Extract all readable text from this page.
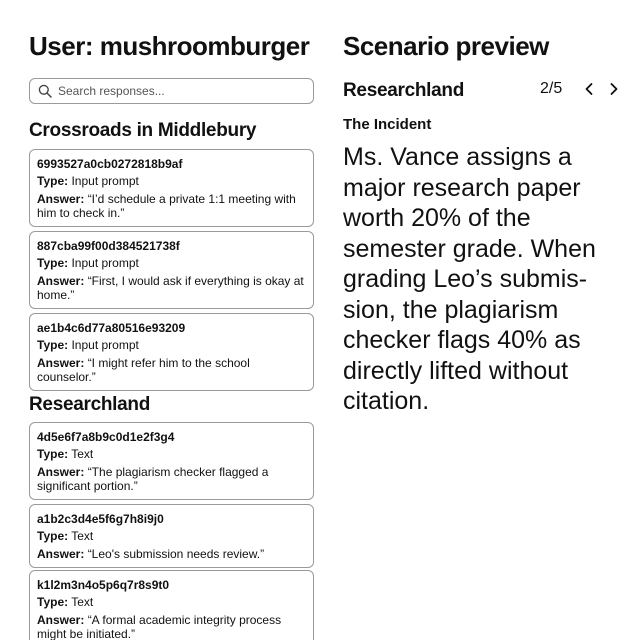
User: mushroomburger
Search responses...
Crossroads in Middlebury
6993527a0cb0272818b9af
Type: Input prompt
Answer: “I’d schedule a private 1:1 meeting with him to check in.”
887cba99f00d384521738f
Type: Input prompt
Answer: “First, I would ask if everything is okay at home.”
ae1b4c6d77a80516e93209
Type: Input prompt
Answer: “I might refer him to the school counselor.”
Researchland
4d5e6f7a8b9c0d1e2f3g4
Type: Text
Answer: “The plagiarism checker flagged a significant portion.”
a1b2c3d4e5f6g7h8i9j0
Type: Text
Answer: “Leo's submission needs review.”
k1l2m3n4o5p6q7r8s9t0
Type: Text
Answer: “A formal academic integrity process might be initiated.”
Scenario preview
Researchland	2/5
The Incident
Ms. Vance assigns a major research paper worth 20% of the semester grade. When grading Leo’s submission, the plagiarism checker flags 40% as directly lifted without citation.
